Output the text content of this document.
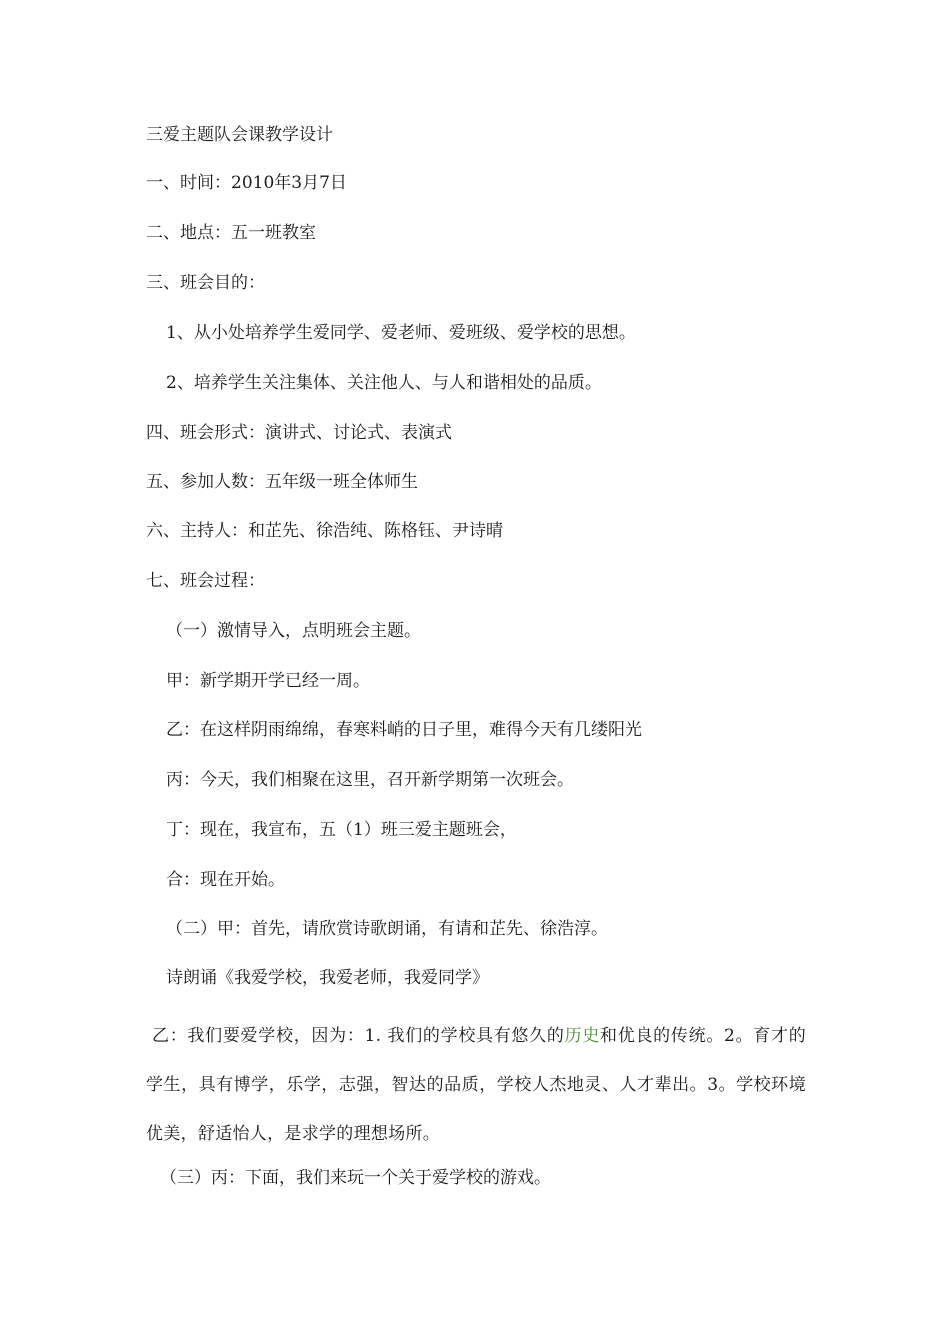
三爱主题队会课教学设计
一、时间：2010年3月7日
二、地点：五一班教室
三、班会目的：
1、从小处培养学生爱同学、爱老师、爱班级、爱学校的思想。
2、培养学生关注集体、关注他人、与人和谐相处的品质。
四、班会形式：演讲式、讨论式、表演式
五、参加人数：五年级一班全体师生
六、主持人：和芷先、徐浩纯、陈格钰、尹诗晴
七、班会过程：
（一）激情导入，点明班会主题。
甲：新学期开学已经一周。
乙：在这样阴雨绵绵，春寒料峭的日子里，难得今天有几缕阳光
丙：今天，我们相聚在这里，召开新学期第一次班会。
丁：现在，我宣布，五（1）班三爱主题班会，
合：现在开始。
（二）甲：首先，请欣赏诗歌朗诵，有请和芷先、徐浩淳。
诗朗诵《我爱学校，我爱老师，我爱同学》
乙：我们要爱学校，因为：1. 我们的学校具有悠久的历史和优良的传统。2。育才的学生，具有博学，乐学，志强，智达的品质，学校人杰地灵、人才辈出。3。学校环境优美，舒适怡人，是求学的理想场所。
（三）丙：下面，我们来玩一个关于爱学校的游戏。
